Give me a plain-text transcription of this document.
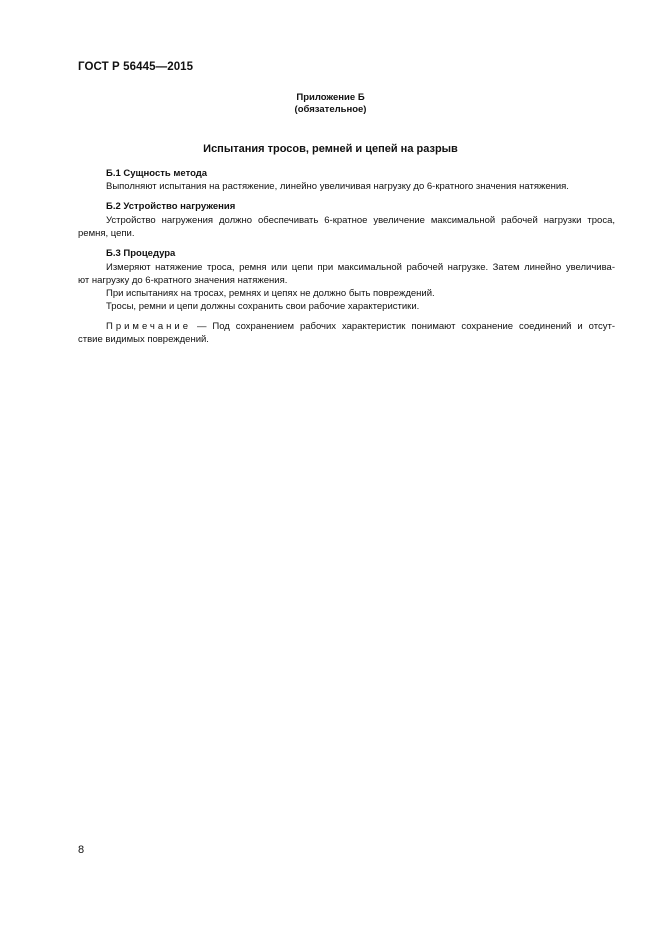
ГОСТ Р 56445—2015
Приложение Б
(обязательное)
Испытания тросов, ремней и цепей на разрыв
Б.1 Сущность метода
Выполняют испытания на растяжение, линейно увеличивая нагрузку до 6-кратного значения натяжения.
Б.2 Устройство нагружения
Устройство нагружения должно обеспечивать 6-кратное увеличение максимальной рабочей нагрузки троса,
ремня, цепи.
Б.3 Процедура
Измеряют натяжение троса, ремня или цепи при максимальной рабочей нагрузке. Затем линейно увеличива-
ют нагрузку до 6-кратного значения натяжения.
При испытаниях на тросах, ремнях и цепях не должно быть повреждений.
Тросы, ремни и цепи должны сохранить свои рабочие характеристики.
Примечание — Под сохранением рабочих характеристик понимают сохранение соединений и отсут-
ствие видимых повреждений.
8
